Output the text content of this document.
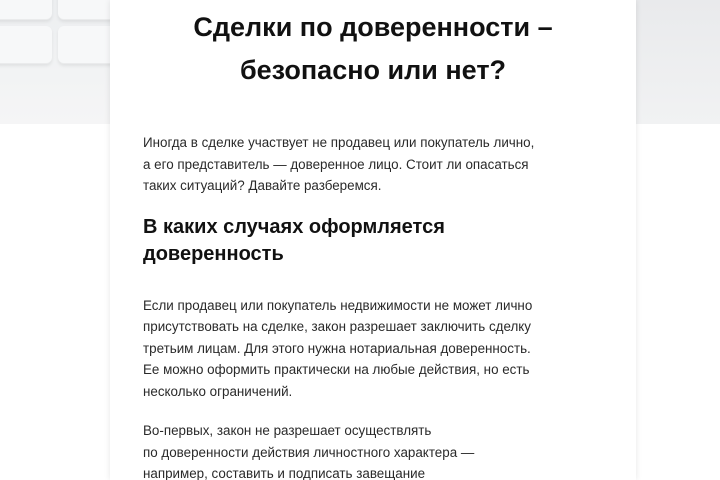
Сделки по доверенности –
безопасно или нет?

Иногда в сделке участвует не продавец или покупатель лично,
а его представитель — доверенное лицо. Стоит ли опасаться
таких ситуаций? Давайте разберемся.

В каких случаях оформляется
доверенность

Если продавец или покупатель недвижимости не может лично
присутствовать на сделке, закон разрешает заключить сделку
третьим лицам. Для этого нужна нотариальная доверенность.
Ее можно оформить практически на любые действия, но есть
несколько ограничений.

Во-первых, закон не разрешает осуществлять
по доверенности действия личностного характера —
например, составить и подписать завещание
